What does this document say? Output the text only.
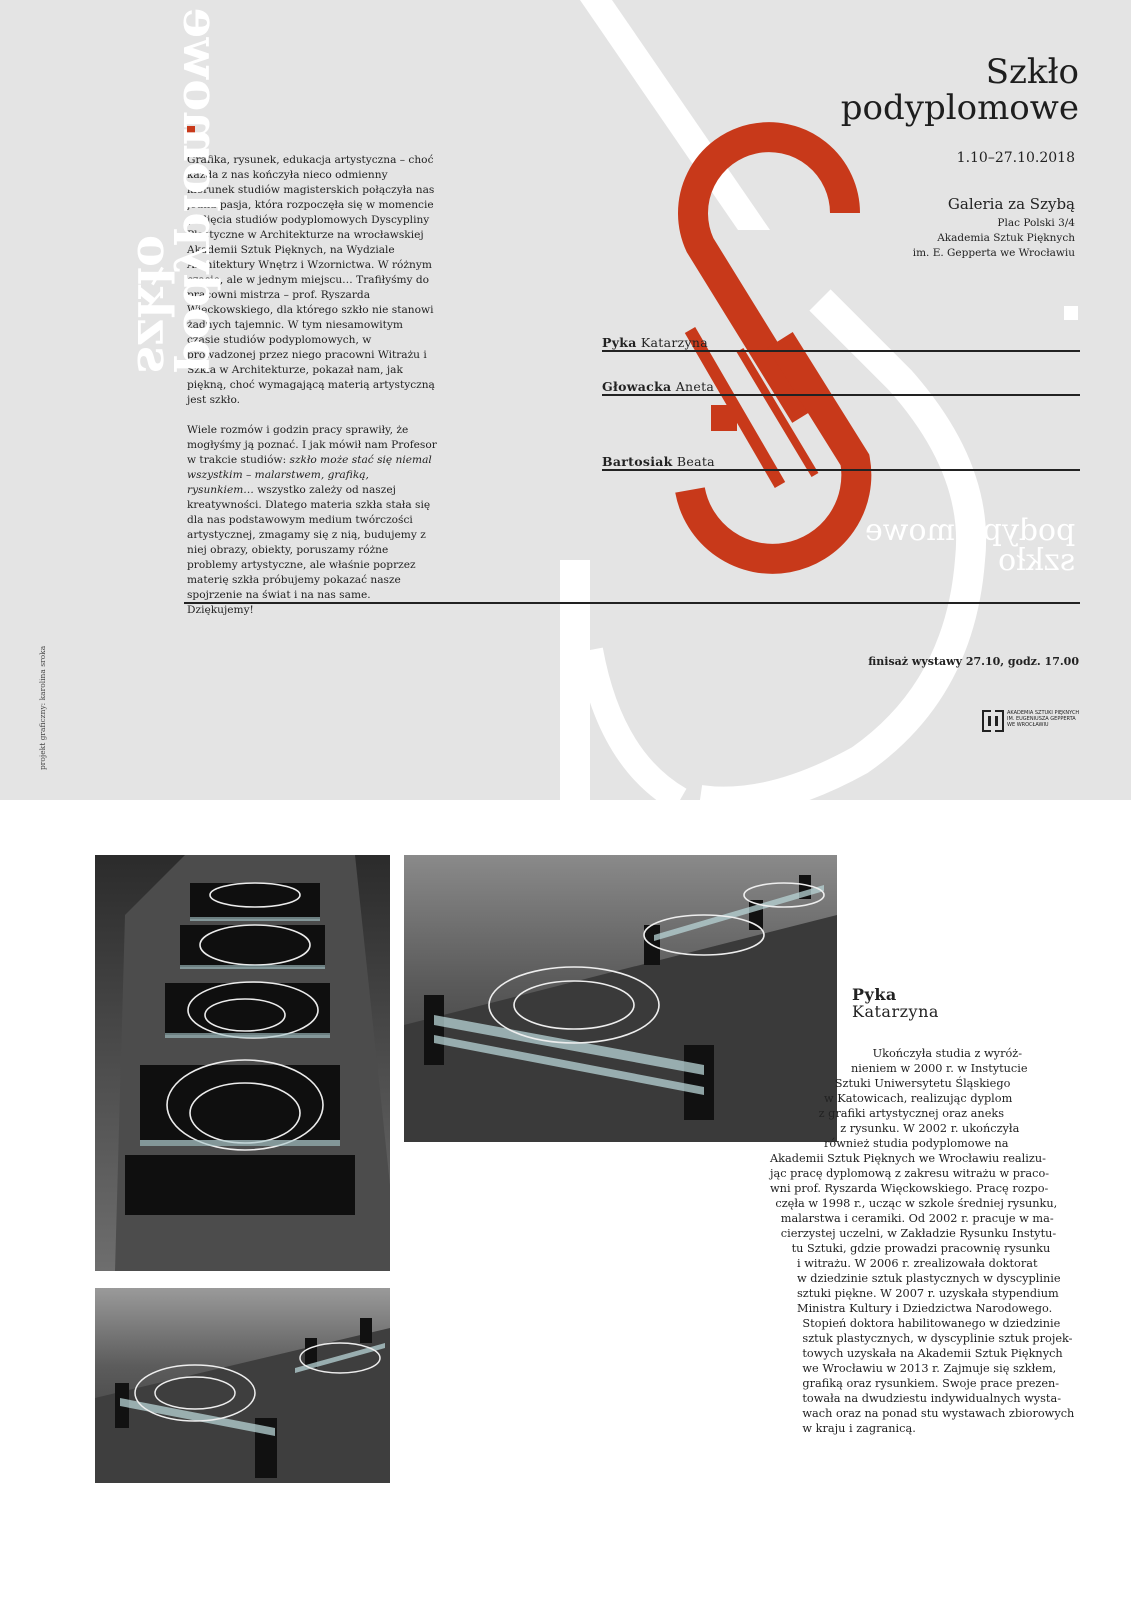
Szkło
podyplomowe
1.10–27.10.2018
Galeria za Szybą
Plac Polski 3/4
Akademia Sztuk Pięknych
im. E. Gepperta we Wrocławiu

Grafika, rysunek, edukacja artystyczna – choć każda z nas kończyła nieco odmienny kierunek studiów magisterskich połączyła nas jedna pasja, która rozpoczęła się w momencie podjęcia studiów podyplomowych Dyscypliny Plastyczne w Architekturze na wrocławskiej Akademii Sztuk Pięknych, na Wydziale Architektury Wnętrz i Wzornictwa. W różnym czasie, ale w jednym miejscu… Trafiłyśmy do pracowni mistrza – prof. Ryszarda Więckowskiego, dla którego szkło nie stanowi żadnych tajemnic. W tym niesamowitym czasie studiów podyplomowych, w prowadzonej przez niego pracowni Witrażu i Szkła w Architekturze, pokazał nam, jak piękną, choć wymagającą materią artystyczną jest szkło.

Wiele rozmów i godzin pracy sprawiły, że mogłyśmy ją poznać. I jak mówił nam Profesor w trakcie studiów: szkło może stać się niemal wszystkim – malarstwem, grafiką, rysunkiem… wszystko zależy od naszej kreatywności. Dlatego materia szkła stała się dla nas podstawowym medium twórczości artystycznej, zmagamy się z nią, budujemy z niej obrazy, obiekty, poruszamy różne problemy artystyczne, ale właśnie poprzez materię szkła próbujemy pokazać nasze spojrzenie na świat i na nas same. Dziękujemy!

Pyka Katarzyna
Głowacka Aneta
Bartosiak Beata
podyplomowe
szkło
podyplomowe
szkło
projekt graficzny: karolina sroka	finisaż wystawy 27.10, godz. 17.00
AKADEMIA SZTUKI PIĘKNYCH
IM. EUGENIUSZA GEPPERTA
WE WROCŁAWIU
Pyka
Katarzyna
Ukończyła studia z wyróż-
nieniem w 2000 r. w Instytucie
Sztuki Uniwersytetu Śląskiego
w Katowicach, realizując dyplom
z grafiki artystycznej oraz aneks
z rysunku. W 2002 r. ukończyła
również studia podyplomowe na
Akademii Sztuk Pięknych we Wrocławiu realizu-
jąc pracę dyplomową z zakresu witrażu w praco-
wni prof. Ryszarda Więckowskiego. Pracę rozpo-
częła w 1998 r., ucząc w szkole średniej rysunku,
malarstwa i ceramiki. Od 2002 r. pracuje w ma-
cierzystej uczelni, w Zakładzie Rysunku Instytu-
tu Sztuki, gdzie prowadzi pracownię rysunku
i witrażu. W 2006 r. zrealizowała doktorat
w dziedzinie sztuk plastycznych w dyscyplinie
sztuki piękne. W 2007 r. uzyskała stypendium
Ministra Kultury i Dziedzictwa Narodowego.
Stopień doktora habilitowanego w dziedzinie
sztuk plastycznych, w dyscyplinie sztuk projek-
towych uzyskała na Akademii Sztuk Pięknych
we Wrocławiu w 2013 r. Zajmuje się szkłem,
grafiką oraz rysunkiem. Swoje prace prezen-
towała na dwudziestu indywidualnych wysta-
wach oraz na ponad stu wystawach zbiorowych
w kraju i zagranicą.
